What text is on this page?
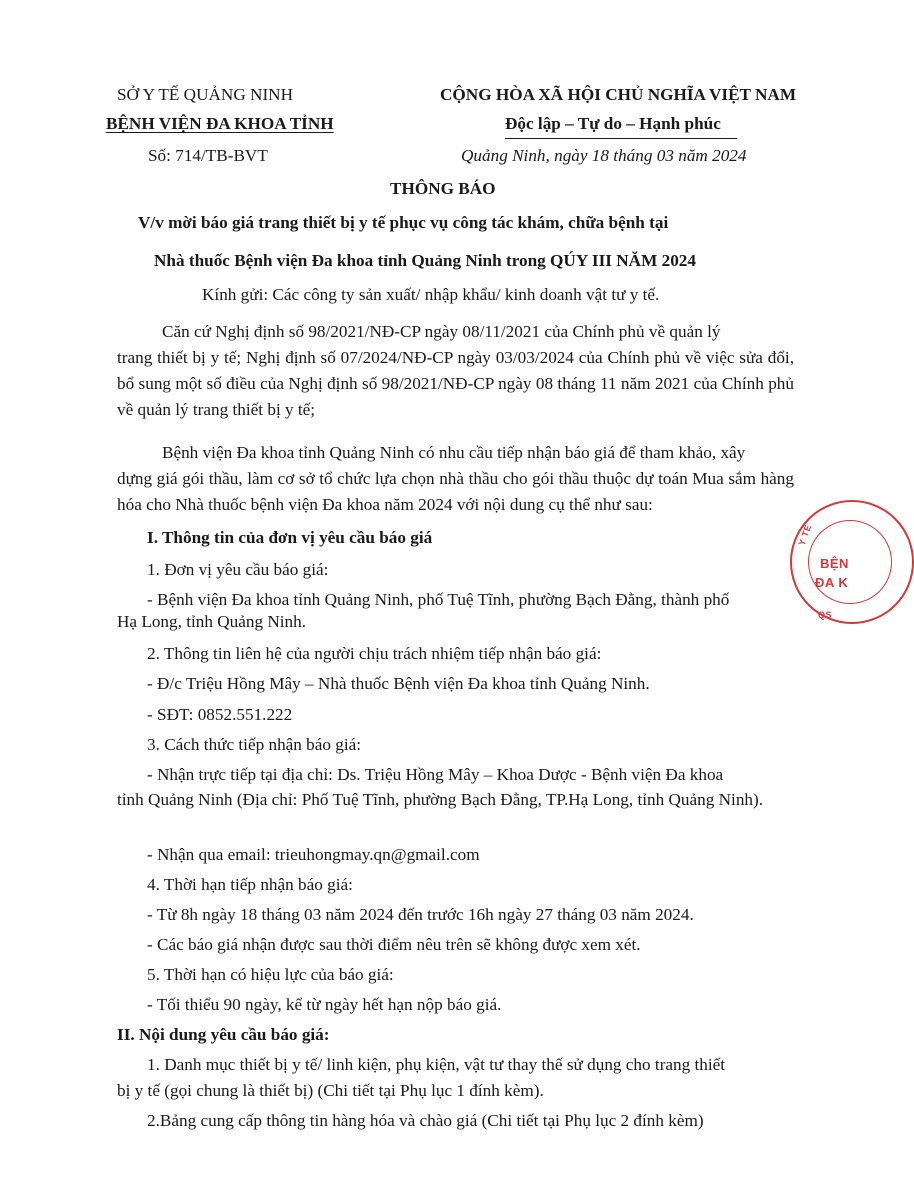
SỞ Y TẾ QUẢNG NINH
BỆNH VIỆN ĐA KHOA TỈNH
Số: 714/TB-BVT
CỘNG HÒA XÃ HỘI CHỦ NGHĨA VIỆT NAM
Độc lập – Tự do – Hạnh phúc
Quảng Ninh, ngày 18 tháng 03 năm 2024
THÔNG BÁO
V/v mời báo giá trang thiết bị y tế phục vụ công tác khám, chữa bệnh tại
Nhà thuốc Bệnh viện Đa khoa tỉnh Quảng Ninh trong QÚY III NĂM 2024
Kính gửi: Các công ty sản xuất/ nhập khẩu/ kinh doanh vật tư y tế.
Căn cứ Nghị định số 98/2021/NĐ-CP ngày 08/11/2021 của Chính phủ về quản lý
trang thiết bị y tế; Nghị định số 07/2024/NĐ-CP ngày 03/03/2024 của Chính phủ về việc sửa đổi, bổ sung một số điều của Nghị định số 98/2021/NĐ-CP ngày 08 tháng 11 năm 2021 của Chính phủ về quản lý trang thiết bị y tế;
Bệnh viện Đa khoa tỉnh Quảng Ninh có nhu cầu tiếp nhận báo giá để tham khảo, xây
dựng giá gói thầu, làm cơ sở tổ chức lựa chọn nhà thầu cho gói thầu thuộc dự toán Mua sắm hàng hóa cho Nhà thuốc bệnh viện Đa khoa năm 2024 với nội dung cụ thể như sau:
I. Thông tin của đơn vị yêu cầu báo giá
1. Đơn vị yêu cầu báo giá:
- Bệnh viện Đa khoa tỉnh Quảng Ninh, phố Tuệ Tĩnh, phường Bạch Đằng, thành phố
Hạ Long, tỉnh Quảng Ninh.
2. Thông tin liên hệ của người chịu trách nhiệm tiếp nhận báo giá:
- Đ/c Triệu Hồng Mây – Nhà thuốc Bệnh viện Đa khoa tỉnh Quảng Ninh.
- SĐT: 0852.551.222
3. Cách thức tiếp nhận báo giá:
- Nhận trực tiếp tại địa chỉ: Ds. Triệu Hồng Mây – Khoa Dược - Bệnh viện Đa khoa
tỉnh Quảng Ninh (Địa chỉ: Phố Tuệ Tĩnh, phường Bạch Đằng, TP.Hạ Long, tỉnh Quảng Ninh).
- Nhận qua email: trieuhongmay.qn@gmail.com
4. Thời hạn tiếp nhận báo giá:
- Từ 8h ngày 18 tháng 03 năm 2024 đến trước 16h ngày 27 tháng 03 năm 2024.
- Các báo giá nhận được sau thời điểm nêu trên sẽ không được xem xét.
5. Thời hạn có hiệu lực của báo giá:
- Tối thiểu 90 ngày, kể từ ngày hết hạn nộp báo giá.
II. Nội dung yêu cầu báo giá:
1. Danh mục thiết bị y tế/ linh kiện, phụ kiện, vật tư thay thế sử dụng cho trang thiết
bị y tế (gọi chung là thiết bị) (Chi tiết tại Phụ lục 1 đính kèm).
2.Bảng cung cấp thông tin hàng hóa và chào giá (Chi tiết tại Phụ lục 2 đính kèm)
BỆN
ĐA K
Y TẾ
QS
